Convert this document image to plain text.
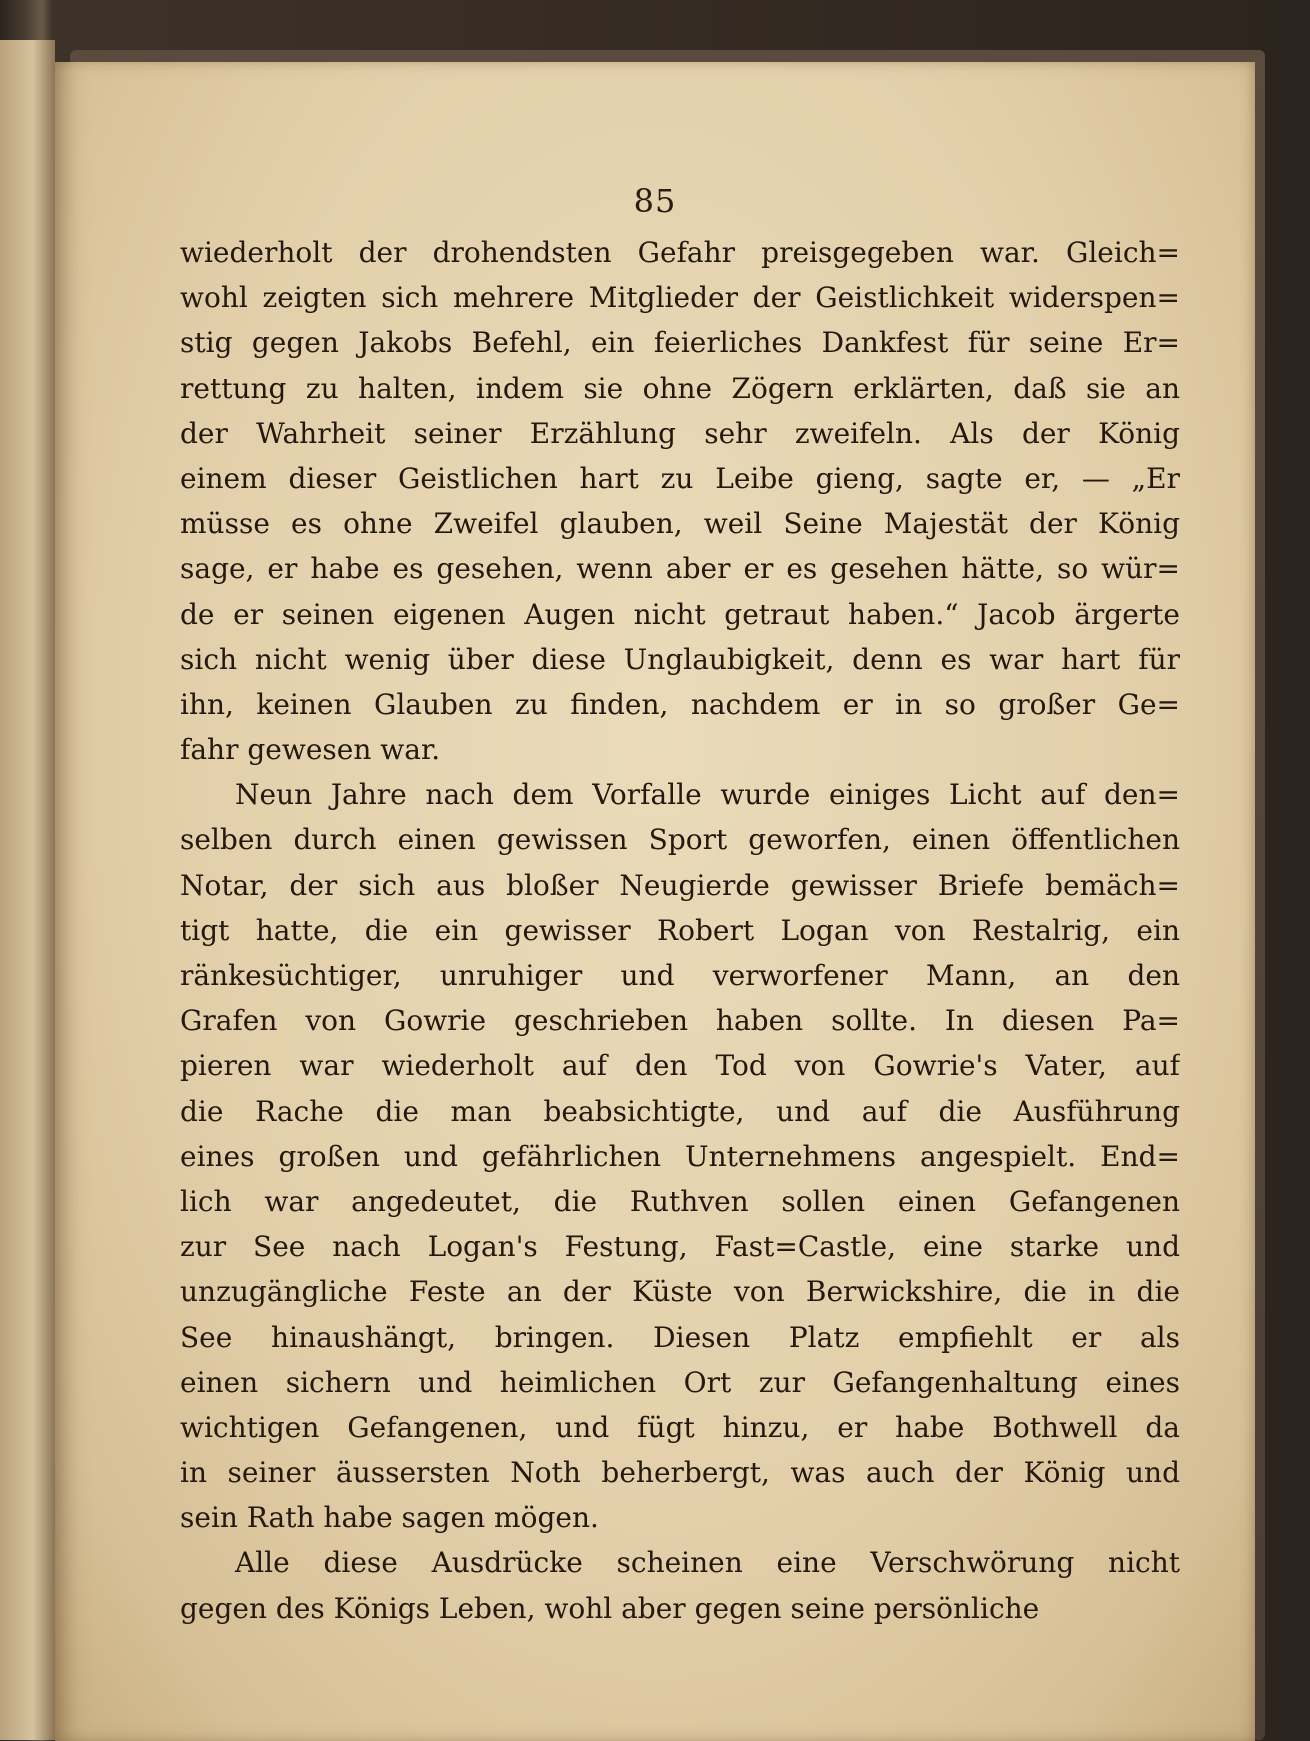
85
wiederholt der drohendsten Gefahr preisgegeben war. Gleich=
wohl zeigten sich mehrere Mitglieder der Geistlichkeit widerspen=
stig gegen Jakobs Befehl, ein feierliches Dankfest für seine Er=
rettung zu halten, indem sie ohne Zögern erklärten, daß sie an
der Wahrheit seiner Erzählung sehr zweifeln. Als der König
einem dieser Geistlichen hart zu Leibe gieng, sagte er, — „Er
müsse es ohne Zweifel glauben, weil Seine Majestät der König
sage, er habe es gesehen, wenn aber er es gesehen hätte, so wür=
de er seinen eigenen Augen nicht getraut haben.“ Jacob ärgerte
sich nicht wenig über diese Unglaubigkeit, denn es war hart für
ihn, keinen Glauben zu finden, nachdem er in so großer Ge=
fahr gewesen war.
Neun Jahre nach dem Vorfalle wurde einiges Licht auf den=
selben durch einen gewissen Sport geworfen, einen öffentlichen
Notar, der sich aus bloßer Neugierde gewisser Briefe bemäch=
tigt hatte, die ein gewisser Robert Logan von Restalrig, ein
ränkesüchtiger, unruhiger und verworfener Mann, an den
Grafen von Gowrie geschrieben haben sollte. In diesen Pa=
pieren war wiederholt auf den Tod von Gowrie's Vater, auf
die Rache die man beabsichtigte, und auf die Ausführung
eines großen und gefährlichen Unternehmens angespielt. End=
lich war angedeutet, die Ruthven sollen einen Gefangenen
zur See nach Logan's Festung, Fast=Castle, eine starke und
unzugängliche Feste an der Küste von Berwickshire, die in die
See hinaushängt, bringen. Diesen Platz empfiehlt er als
einen sichern und heimlichen Ort zur Gefangenhaltung eines
wichtigen Gefangenen, und fügt hinzu, er habe Bothwell da
in seiner äussersten Noth beherbergt, was auch der König und
sein Rath habe sagen mögen.
Alle diese Ausdrücke scheinen eine Verschwörung nicht
gegen des Königs Leben, wohl aber gegen seine persönliche
